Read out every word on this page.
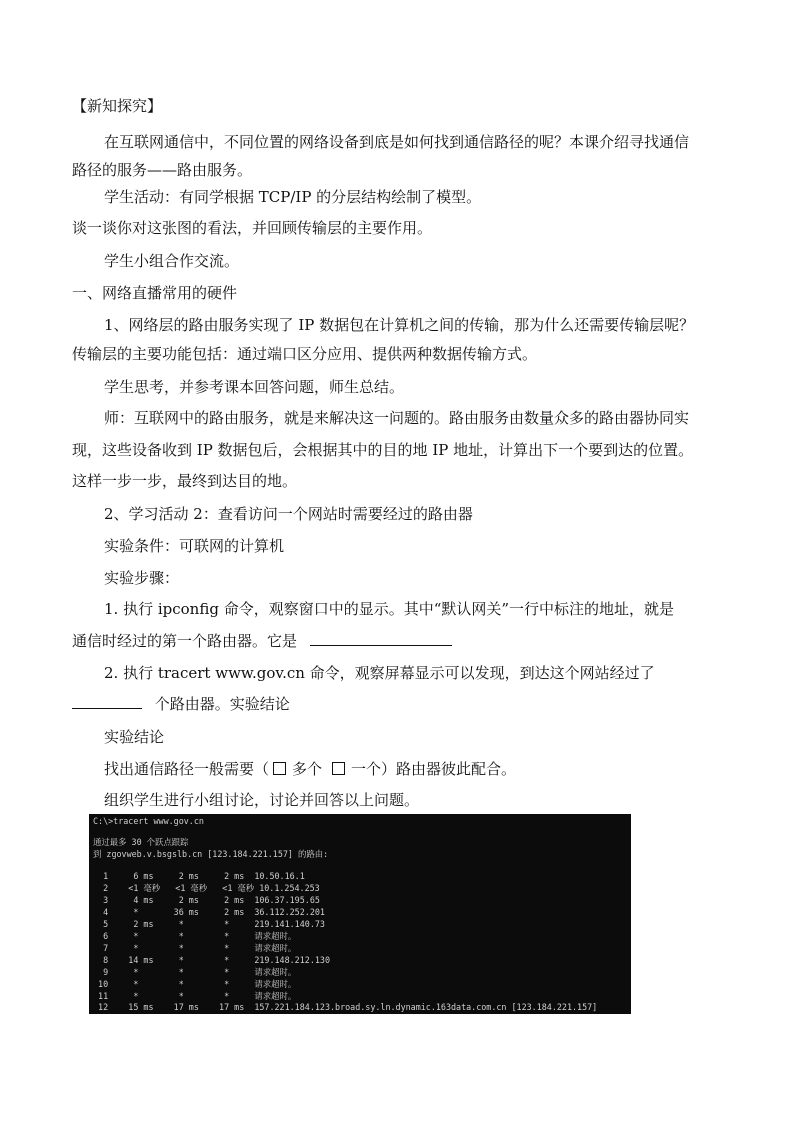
【新知探究】
在互联网通信中，不同位置的网络设备到底是如何找到通信路径的呢？本课介绍寻找通信
路径的服务——路由服务。
学生活动：有同学根据 TCP/IP 的分层结构绘制了模型。
谈一谈你对这张图的看法，并回顾传输层的主要作用。
学生小组合作交流。
一、网络直播常用的硬件
1、网络层的路由服务实现了 IP 数据包在计算机之间的传输，那为什么还需要传输层呢？
传输层的主要功能包括：通过端口区分应用、提供两种数据传输方式。
学生思考，并参考课本回答问题，师生总结。
师：互联网中的路由服务，就是来解决这一问题的。路由服务由数量众多的路由器协同实
现，这些设备收到 IP 数据包后，会根据其中的目的地 IP 地址，计算出下一个要到达的位置。
这样一步一步，最终到达目的地。
2、学习活动 2：查看访问一个网站时需要经过的路由器
实验条件：可联网的计算机
实验步骤：
1. 执行 ipconfig 命令，观察窗口中的显示。其中“默认网关”一行中标注的地址，就是
通信时经过的第一个路由器。它是
2. 执行 tracert www.gov.cn 命令，观察屏幕显示可以发现，到达这个网站经过了
个路由器。实验结论
实验结论
找出通信路径一般需要（ 多个 一个）路由器彼此配合。
组织学生进行小组讨论，讨论并回答以上问题。
C:\>tracert www.gov.cn
通过最多 30 个跃点跟踪
到 zgovweb.v.bsgslb.cn [123.184.221.157] 的路由:
1     6 ms     2 ms     2 ms  10.50.16.1
2    <1 毫秒   <1 毫秒   <1 毫秒 10.1.254.253
3     4 ms     2 ms     2 ms  106.37.195.65
4     *       36 ms     2 ms  36.112.252.201
5     2 ms     *        *     219.141.140.73
6     *        *        *     请求超时。
7     *        *        *     请求超时。
8    14 ms     *        *     219.148.212.130
9     *        *        *     请求超时。
10     *        *        *     请求超时。
11     *        *        *     请求超时。
12    15 ms    17 ms    17 ms  157.221.184.123.broad.sy.ln.dynamic.163data.com.cn [123.184.221.157]
